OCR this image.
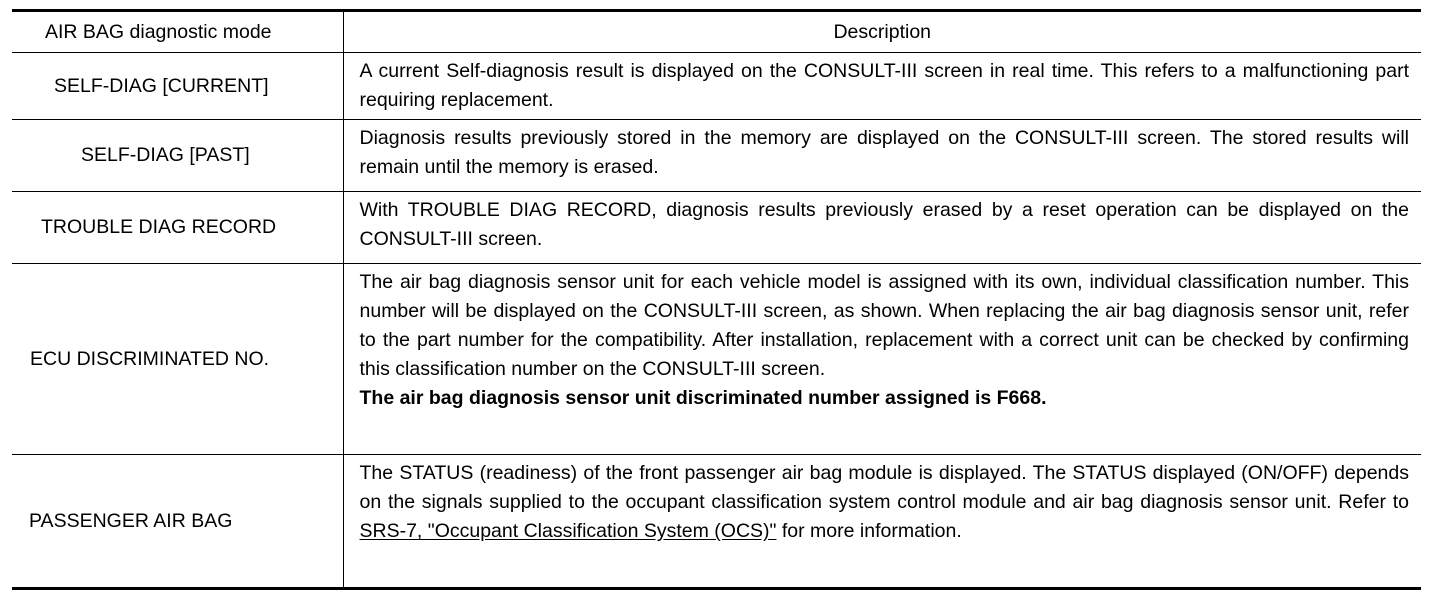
AIR BAG diagnostic mode	Description
SELF-DIAG [CURRENT]	A current Self-diagnosis result is displayed on the CONSULT-III screen in real time. This refers to a malfunctioning part requiring replacement.
SELF-DIAG [PAST]	Diagnosis results previously stored in the memory are displayed on the CONSULT-III screen. The stored results will remain until the memory is erased.
TROUBLE DIAG RECORD	With TROUBLE DIAG RECORD, diagnosis results previously erased by a reset operation can be displayed on the CONSULT-III screen.
ECU DISCRIMINATED NO.	The air bag diagnosis sensor unit for each vehicle model is assigned with its own, individual classification number. This number will be displayed on the CONSULT-III screen, as shown. When replacing the air bag diagnosis sensor unit, refer to the part number for the compatibility. After installation, replacement with a correct unit can be checked by confirming this classification number on the CONSULT-III screen.
The air bag diagnosis sensor unit discriminated number assigned is F668.
PASSENGER AIR BAG	The STATUS (readiness) of the front passenger air bag module is displayed. The STATUS displayed (ON/OFF) depends on the signals supplied to the occupant classification system control module and air bag diagnosis sensor unit. Refer to SRS-7, "Occupant Classification System (OCS)" for more information.
